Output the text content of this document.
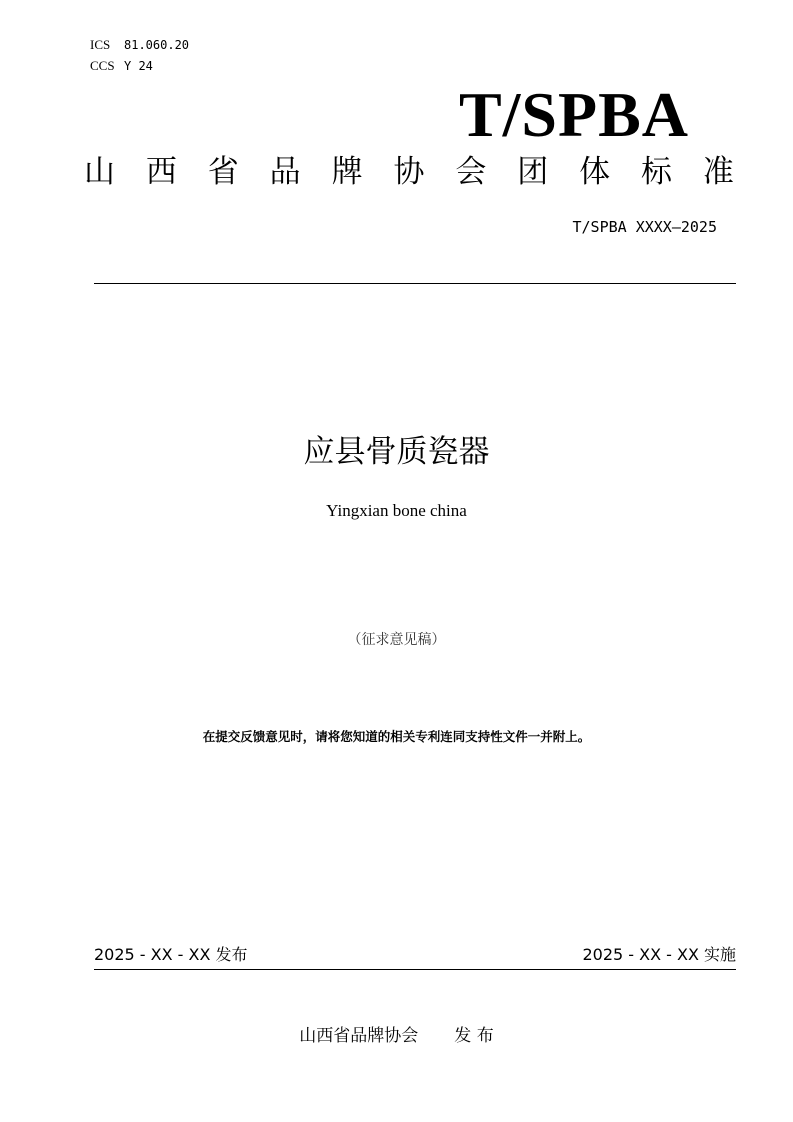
ICS 81.060.20
CCS Y 24
T/SPBA
山 西 省 品 牌 协 会 团 体 标 准
T/SPBA XXXX—2025
应县骨质瓷器
Yingxian bone china
（征求意见稿）
在提交反馈意见时，请将您知道的相关专利连同支持性文件一并附上。
2025 - XX - XX 发布	2025 - XX - XX 实施
山西省品牌协会 发 布
